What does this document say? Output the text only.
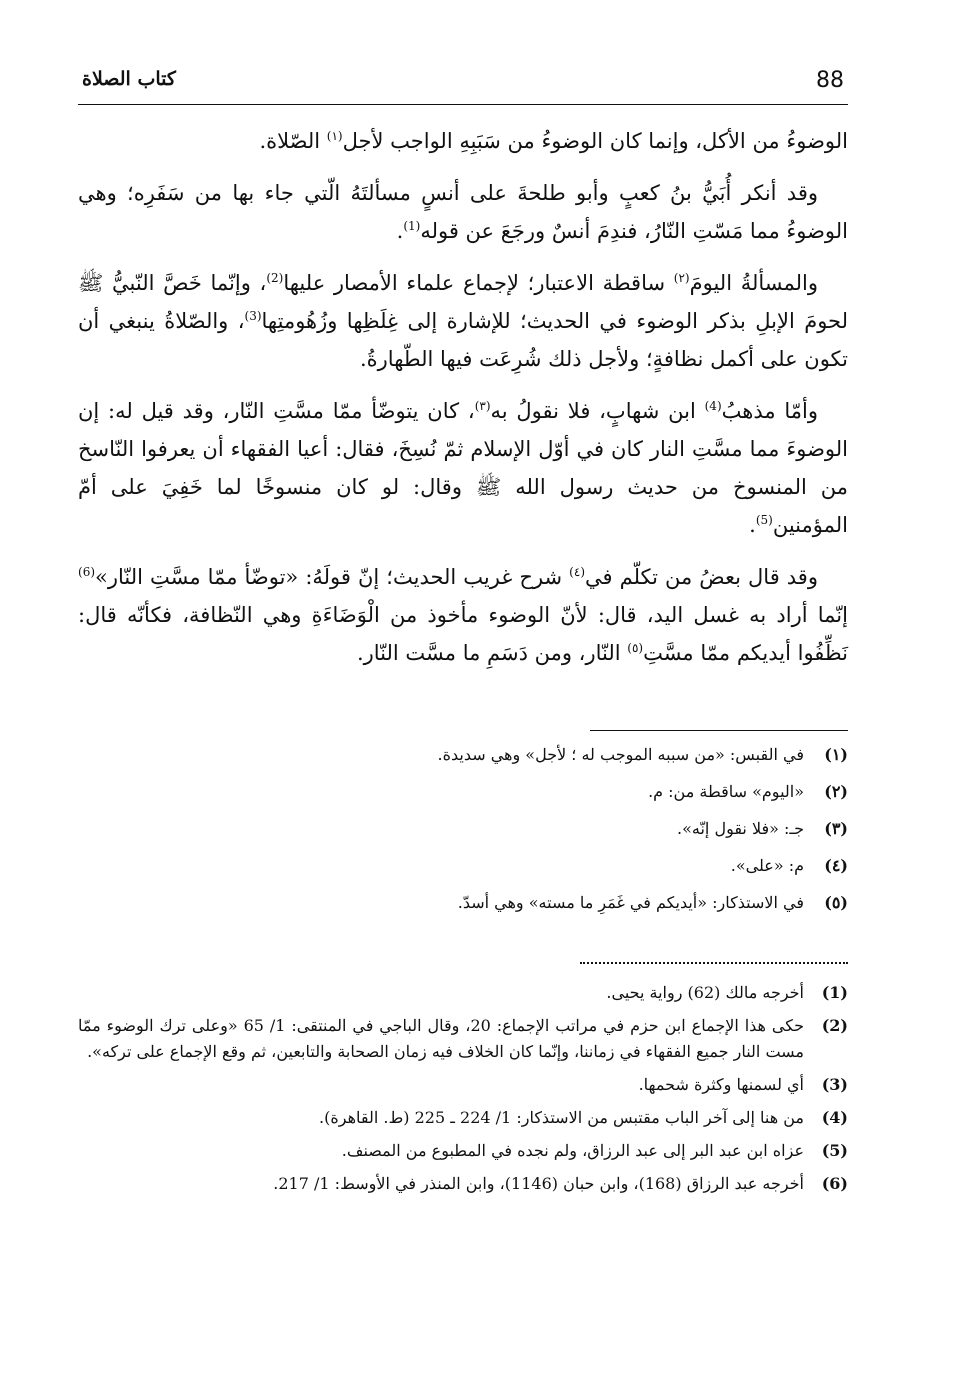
88
كتاب الصلاة

الوضوءُ من الأكل، وإنما كان الوضوءُ من سَبَبِهِ الواجب لأجل$^{(١)}$ الصّلاة.

وقد أنكر أُبَيُّ بنُ كعبٍ وأبو طلحةَ على أنسٍ مسألتَهُ الّتي جاء بها من سَفَرِه؛ وهي الوضوءُ مما مَسّتِ النّارُ، فندِمَ أنسٌ ورجَعَ عن قوله$^{(1)}$.

والمسألةُ اليومَ$^{(٢)}$ ساقطة الاعتبار؛ لإجماع علماء الأمصار عليها$^{(2)}$، وإنّما خَصَّ النّبيُّ ﷺ لحومَ الإبلِ بذكر الوضوء في الحديث؛ للإشارة إلى غِلَظِها وزُهُومتِها$^{(3)}$، والصّلاةُ ينبغي أن تكون على أكمل نظافةٍ؛ ولأجل ذلك شُرِعَت فيها الطّهارةُ.

وأمّا مذهبُ$^{(4)}$ ابن شهابٍ، فلا نقولُ به$^{(٣)}$، كان يتوضّأ ممّا مسَّتِ النّار، وقد قيل له: إن الوضوءَ مما مسَّتِ النار كان في أوّل الإسلام ثمّ نُسِخَ، فقال: أعيا الفقهاء أن يعرفوا النّاسخ من المنسوخ من حديث رسول الله ﷺ وقال: لو كان منسوخًا لما خَفِيَ على أمّ المؤمنين$^{(5)}$.

وقد قال بعضُ من تكلّم في$^{(٤)}$ شرح غريب الحديث؛ إنّ قولَهُ: «توضّأ ممّا مسَّتِ النّار»$^{(6)}$ إنّما أراد به غسل اليد، قال: لأنّ الوضوء مأخوذ من الْوَضَاءَةِ وهي النّظافة، فكأنّه قال: نَظِّفُوا أيديكم ممّا مسَّتِ$^{(٥)}$ النّار، ومن دَسَمِ ما مسَّت النّار.

(١)
في القبس: «من سببه الموجب له ؛ لأجل» وهي سديدة.
(٢)
«اليوم» ساقطة من: م.
(٣)
جـ: «فلا نقول إنّه».
(٤)
م: «على».
(٥)
في الاستذكار: «أيديكم في غَمَرِ ما مسته» وهي أسدّ.
(1)
أخرجه مالك (62) رواية يحيى.
(2)
حكى هذا الإجماع ابن حزم في مراتب الإجماع: 20، وقال الباجي في المنتقى: 1/ 65 «وعلى ترك الوضوء ممّا مست النار جميع الفقهاء في زماننا، وإنّما كان الخلاف فيه زمان الصحابة والتابعين، ثم وقع الإجماع على تركه».
(3)
أي لسمنها وكثرة شحمها.
(4)
من هنا إلى آخر الباب مقتبس من الاستذكار: 1/ 224 ـ 225 (ط. القاهرة).
(5)
عزاه ابن عبد البر إلى عبد الرزاق، ولم نجده في المطبوع من المصنف.
(6)
أخرجه عبد الرزاق (168)، وابن حبان (1146)، وابن المنذر في الأوسط: 1/ 217.
